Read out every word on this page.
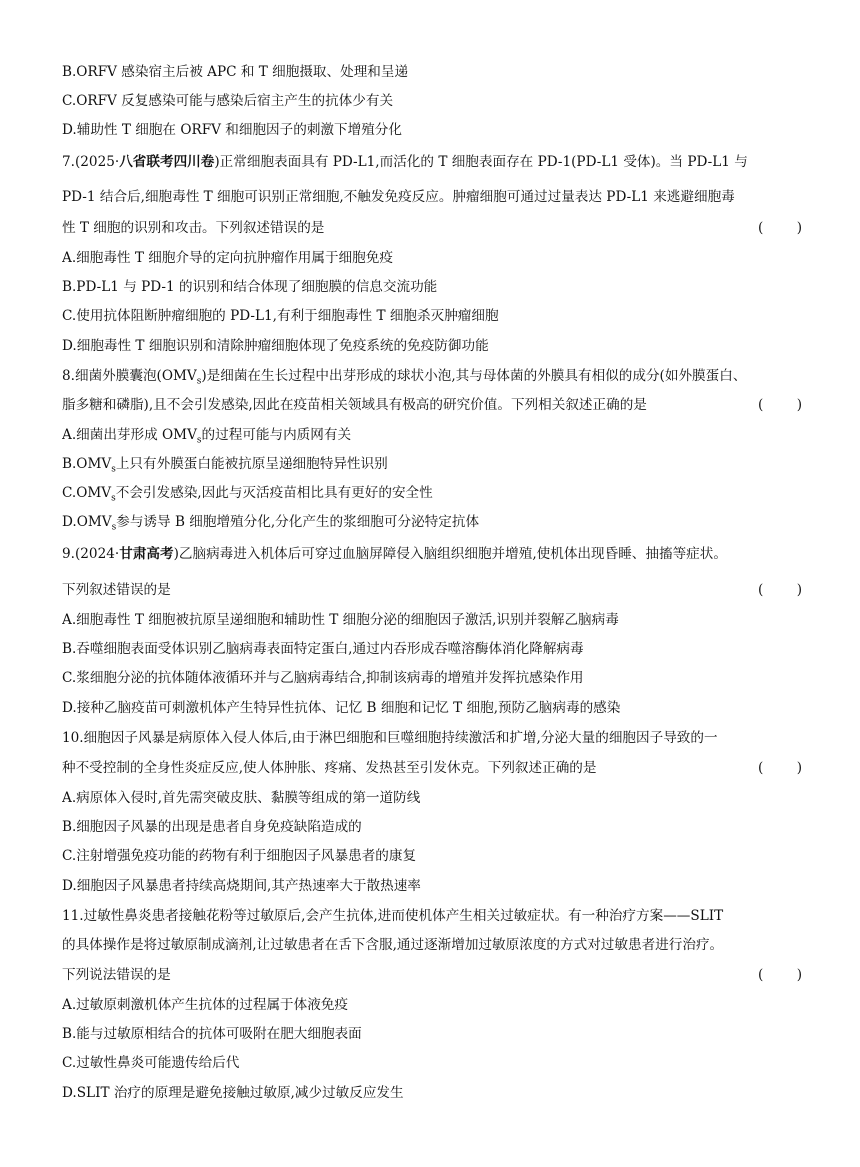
B.ORFV 感染宿主后被 APC 和 T 细胞摄取、处理和呈递
C.ORFV 反复感染可能与感染后宿主产生的抗体少有关
D.辅助性 T 细胞在 ORFV 和细胞因子的刺激下增殖分化
7.(2025·八省联考四川卷)正常细胞表面具有 PD-L1,而活化的 T 细胞表面存在 PD-1(PD-L1 受体)。当 PD-L1 与
PD-1 结合后,细胞毒性 T 细胞可识别正常细胞,不触发免疫反应。肿瘤细胞可通过过量表达 PD-L1 来逃避细胞毒
性 T 细胞的识别和攻击。下列叙述错误的是	( )
A.细胞毒性 T 细胞介导的定向抗肿瘤作用属于细胞免疫
B.PD-L1 与 PD-1 的识别和结合体现了细胞膜的信息交流功能
C.使用抗体阻断肿瘤细胞的 PD-L1,有利于细胞毒性 T 细胞杀灭肿瘤细胞
D.细胞毒性 T 细胞识别和清除肿瘤细胞体现了免疫系统的免疫防御功能
8.细菌外膜囊泡$(OMV_s)$是细菌在生长过程中出芽形成的球状小泡,其与母体菌的外膜具有相似的成分(如外膜蛋白、
脂多糖和磷脂),且不会引发感染,因此在疫苗相关领域具有极高的研究价值。下列相关叙述正确的是	( )
A.细菌出芽形成 $OMV_s$的过程可能与内质网有关
$B.OMV_s$上只有外膜蛋白能被抗原呈递细胞特异性识别
$C.OMV_s$不会引发感染,因此与灭活疫苗相比具有更好的安全性
$D.OMV_s$参与诱导 B 细胞增殖分化,分化产生的浆细胞可分泌特定抗体
9.(2024·甘肃高考)乙脑病毒进入机体后可穿过血脑屏障侵入脑组织细胞并增殖,使机体出现昏睡、抽搐等症状。
下列叙述错误的是	( )
A.细胞毒性 T 细胞被抗原呈递细胞和辅助性 T 细胞分泌的细胞因子激活,识别并裂解乙脑病毒
B.吞噬细胞表面受体识别乙脑病毒表面特定蛋白,通过内吞形成吞噬溶酶体消化降解病毒
C.浆细胞分泌的抗体随体液循环并与乙脑病毒结合,抑制该病毒的增殖并发挥抗感染作用
D.接种乙脑疫苗可刺激机体产生特异性抗体、记忆 B 细胞和记忆 T 细胞,预防乙脑病毒的感染
10.细胞因子风暴是病原体入侵人体后,由于淋巴细胞和巨噬细胞持续激活和扩增,分泌大量的细胞因子导致的一
种不受控制的全身性炎症反应,使人体肿胀、疼痛、发热甚至引发休克。下列叙述正确的是	( )
A.病原体入侵时,首先需突破皮肤、黏膜等组成的第一道防线
B.细胞因子风暴的出现是患者自身免疫缺陷造成的
C.注射增强免疫功能的药物有利于细胞因子风暴患者的康复
D.细胞因子风暴患者持续高烧期间,其产热速率大于散热速率
11.过敏性鼻炎患者接触花粉等过敏原后,会产生抗体,进而使机体产生相关过敏症状。有一种治疗方案——SLIT
的具体操作是将过敏原制成滴剂,让过敏患者在舌下含服,通过逐渐增加过敏原浓度的方式对过敏患者进行治疗。
下列说法错误的是	( )
A.过敏原刺激机体产生抗体的过程属于体液免疫
B.能与过敏原相结合的抗体可吸附在肥大细胞表面
C.过敏性鼻炎可能遗传给后代
D.SLIT 治疗的原理是避免接触过敏原,减少过敏反应发生
